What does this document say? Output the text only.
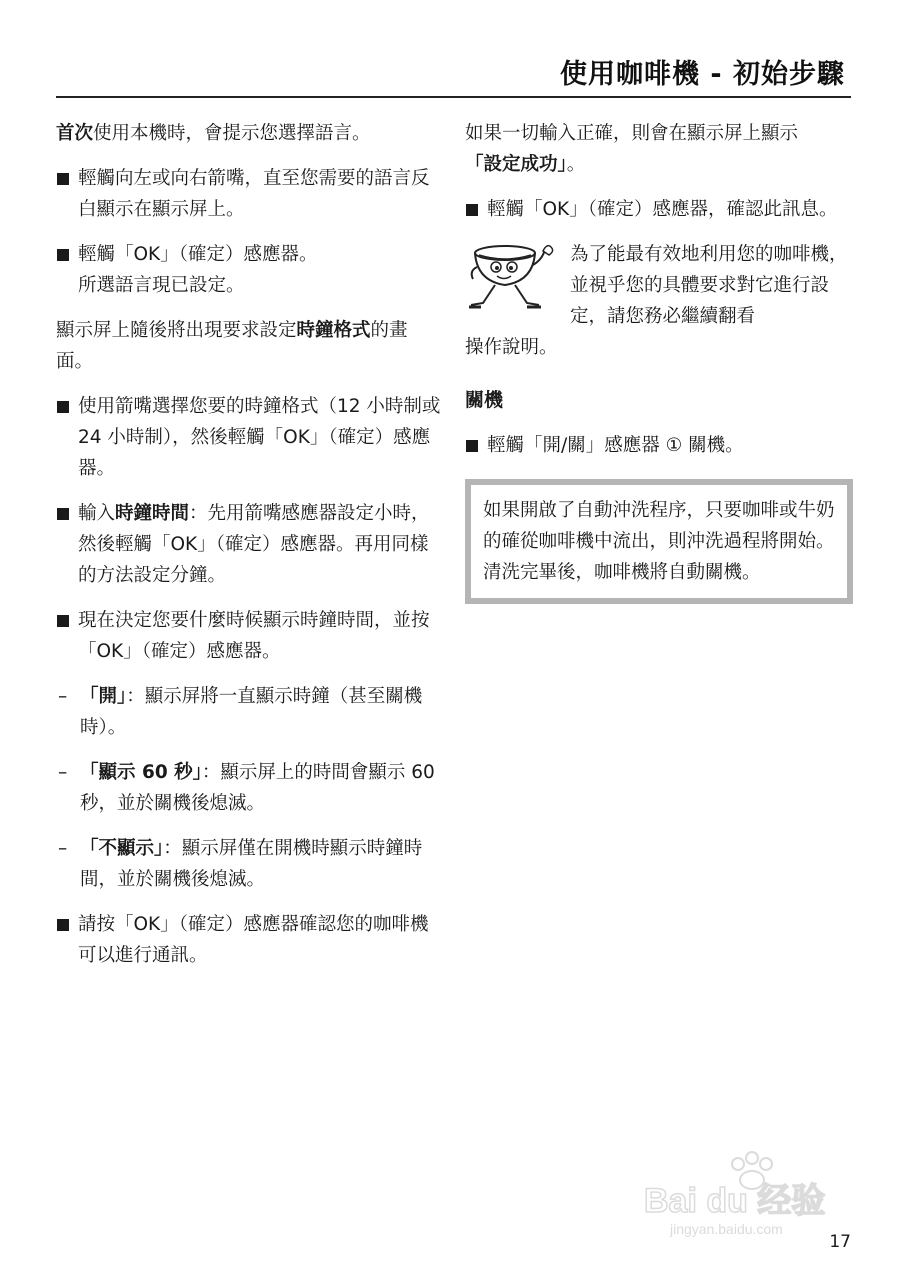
使用咖啡機 - 初始步驟

首次使用本機時，會提示您選擇語言。

輕觸向左或向右箭嘴，直至您需要的語言反白顯示在顯示屏上。
輕觸「OK」（確定）感應器。
所選語言現已設定。

顯示屏上隨後將出現要求設定時鐘格式的畫面。

使用箭嘴選擇您要的時鐘格式（12 小時制或 24 小時制），然後輕觸「OK」（確定）感應器。
輸入時鐘時間：先用箭嘴感應器設定小時，然後輕觸「OK」（確定）感應器。再用同樣的方法設定分鐘。
現在決定您要什麼時候顯示時鐘時間，並按「OK」（確定）感應器。
– 「開」：顯示屏將一直顯示時鐘（甚至關機時）。
– 「顯示 60 秒」：顯示屏上的時間會顯示 60 秒，並於關機後熄滅。
– 「不顯示」：顯示屏僅在開機時顯示時鐘時間，並於關機後熄滅。
請按「OK」（確定）感應器確認您的咖啡機可以進行通訊。

如果一切輸入正確，則會在顯示屏上顯示
「設定成功」。

輕觸「OK」（確定）感應器，確認此訊息。
為了能最有效地利用您的咖啡機，並視乎您的具體要求對它進行設定，請您務必繼續翻看
操作說明。
關機
輕觸「開/關」感應器 ① 關機。
如果開啟了自動沖洗程序，只要咖啡或牛奶的確從咖啡機中流出，則沖洗過程將開始。清洗完畢後，咖啡機將自動關機。
Bai du 经验
jingyan.baidu.com
17
